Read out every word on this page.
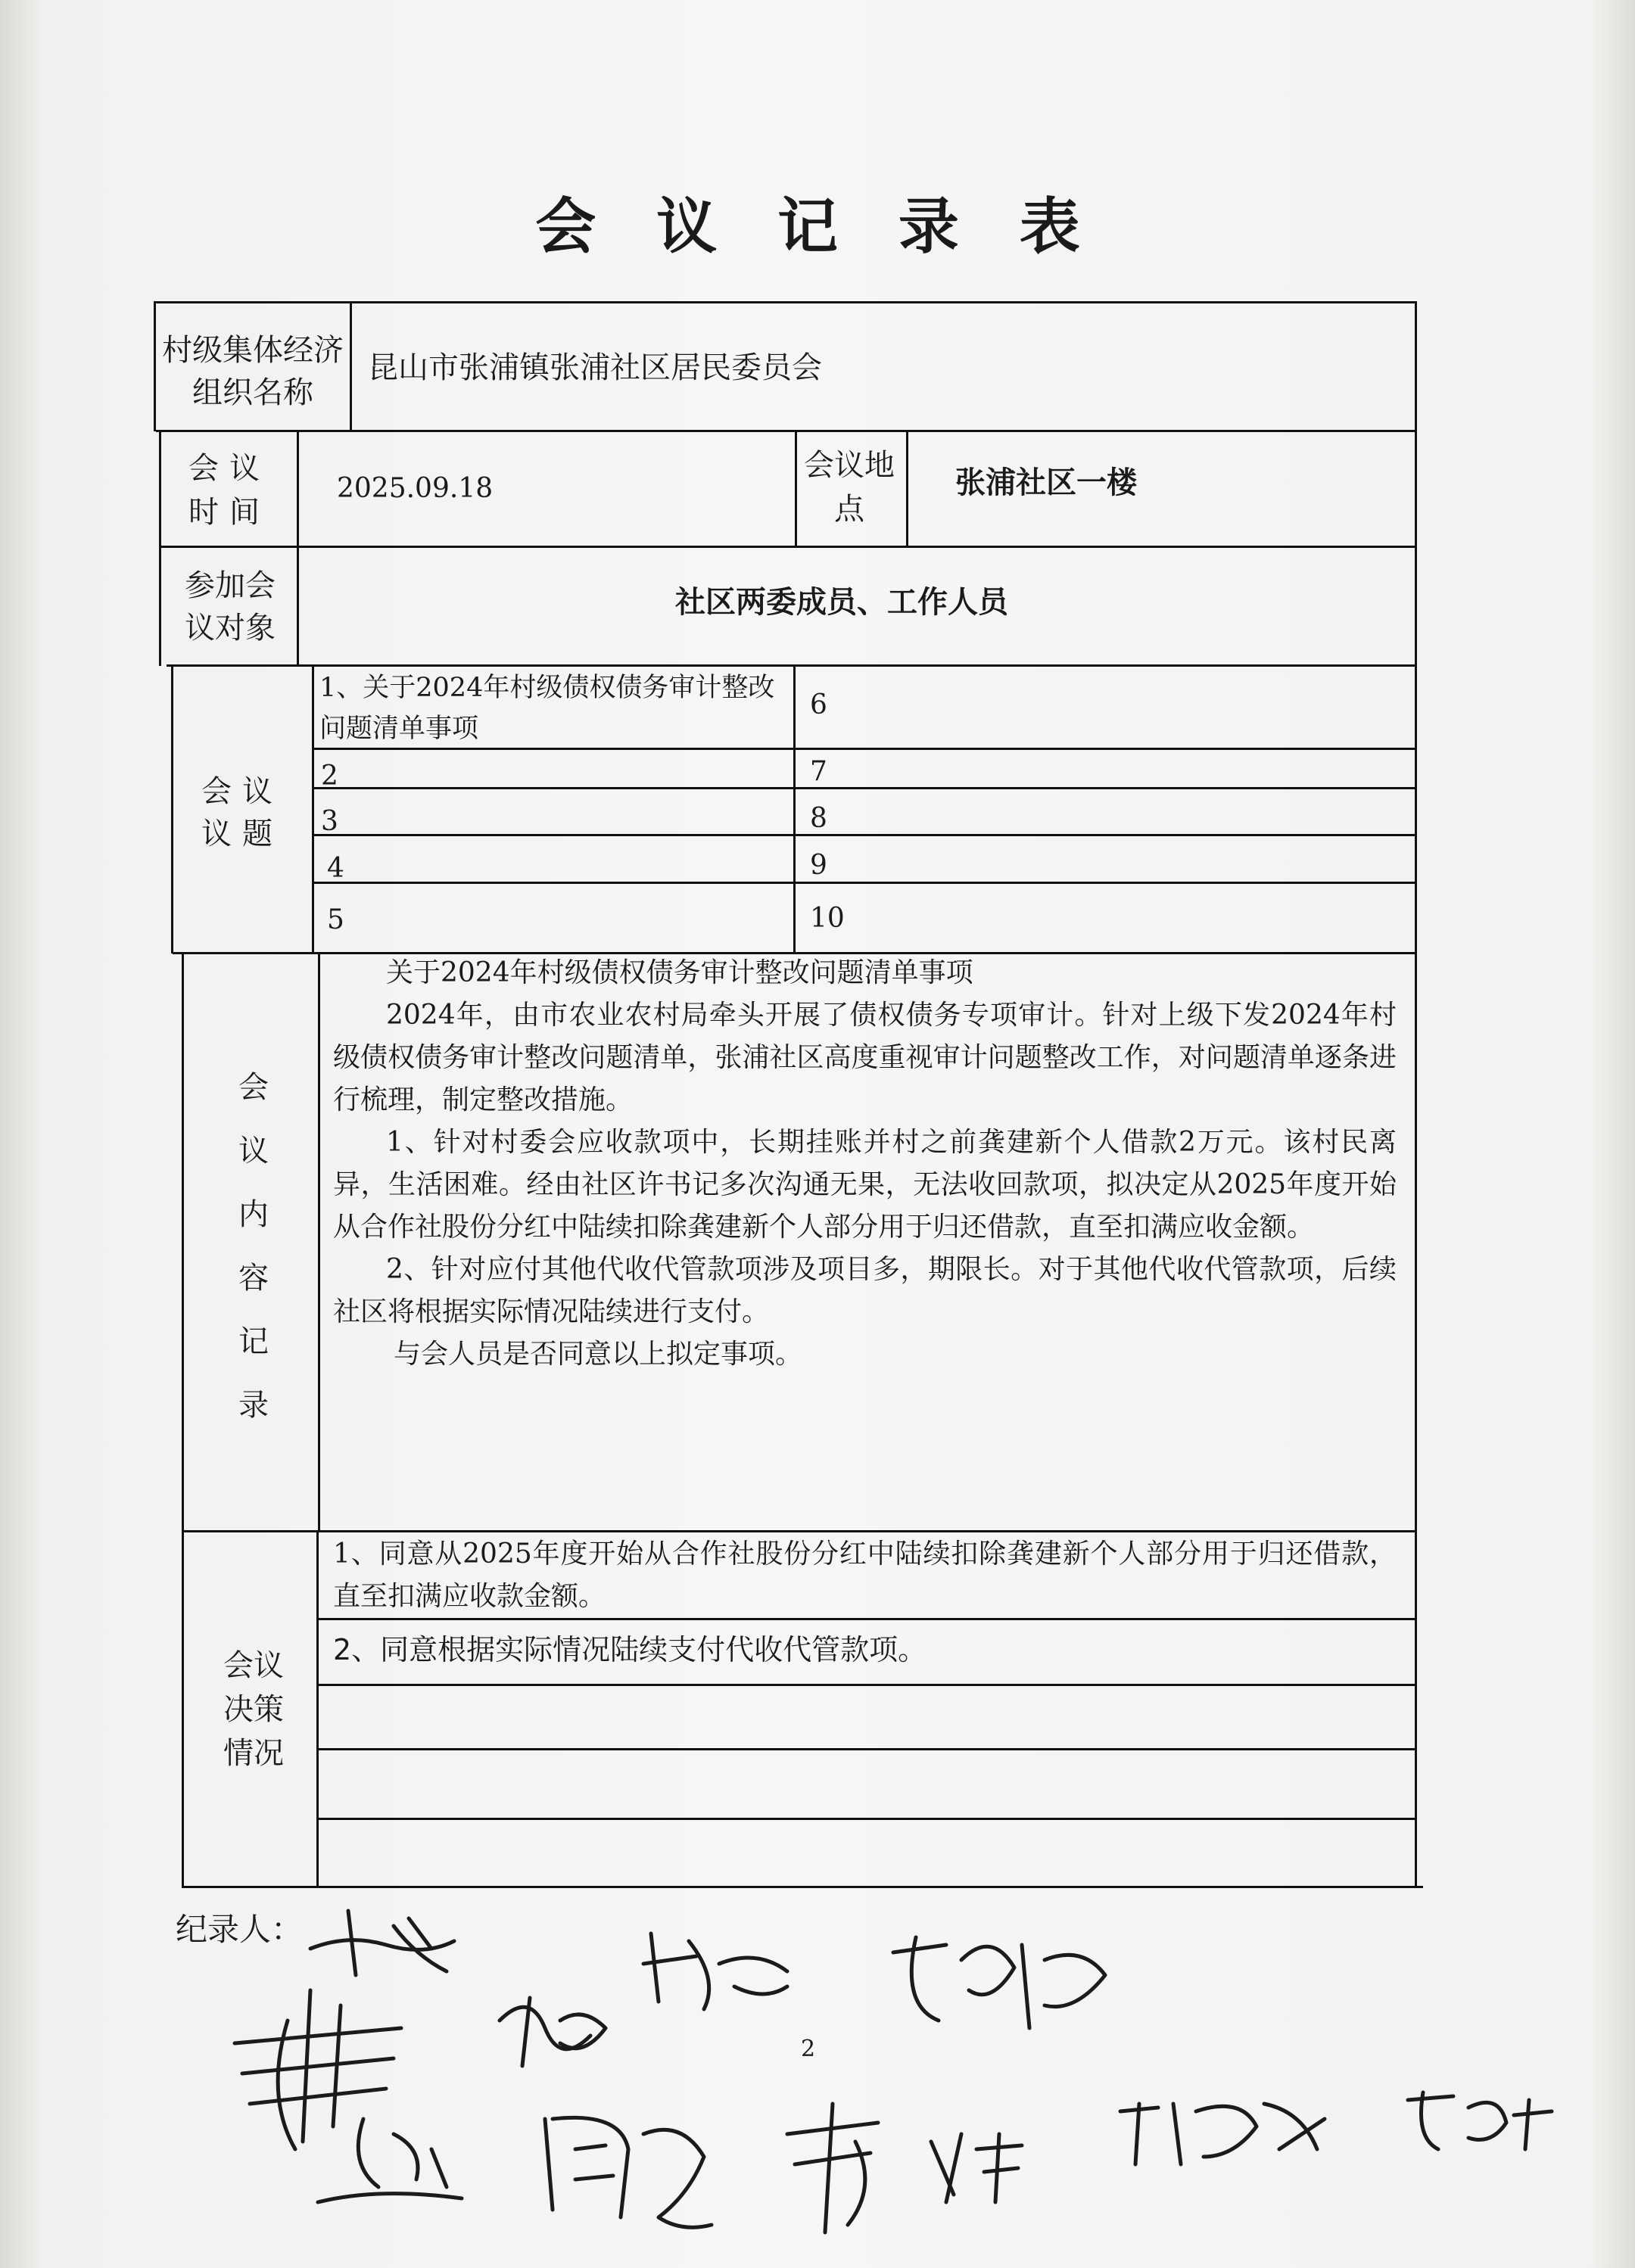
会 议 记 录 表
村级集体经济组织名称
昆山市张浦镇张浦社区居民委员会
会议时间
2025.09.18
会议地点
张浦社区一楼
参加会议对象
社区两委成员、工作人员
会议议题
1、关于2024年村级债权债务审计整改问题清单事项
2
3
4
5
6
7
8
9
10
会议内容记录
关于2024年村级债权债务审计整改问题清单事项
2024年，由市农业农村局牵头开展了债权债务专项审计。针对上级下发2024年村级债权债务审计整改问题清单，张浦社区高度重视审计问题整改工作，对问题清单逐条进行梳理，制定整改措施。
1、针对村委会应收款项中，长期挂账并村之前龚建新个人借款2万元。该村民离异，生活困难。经由社区许书记多次沟通无果，无法收回款项，拟决定从2025年度开始从合作社股份分红中陆续扣除龚建新个人部分用于归还借款，直至扣满应收金额。
2、针对应付其他代收代管款项涉及项目多，期限长。对于其他代收代管款项，后续社区将根据实际情况陆续进行支付。
与会人员是否同意以上拟定事项。
会议决策情况
1、同意从2025年度开始从合作社股份分红中陆续扣除龚建新个人部分用于归还借款，直至扣满应收款金额。
2、同意根据实际情况陆续支付代收代管款项。
纪录人：
2
